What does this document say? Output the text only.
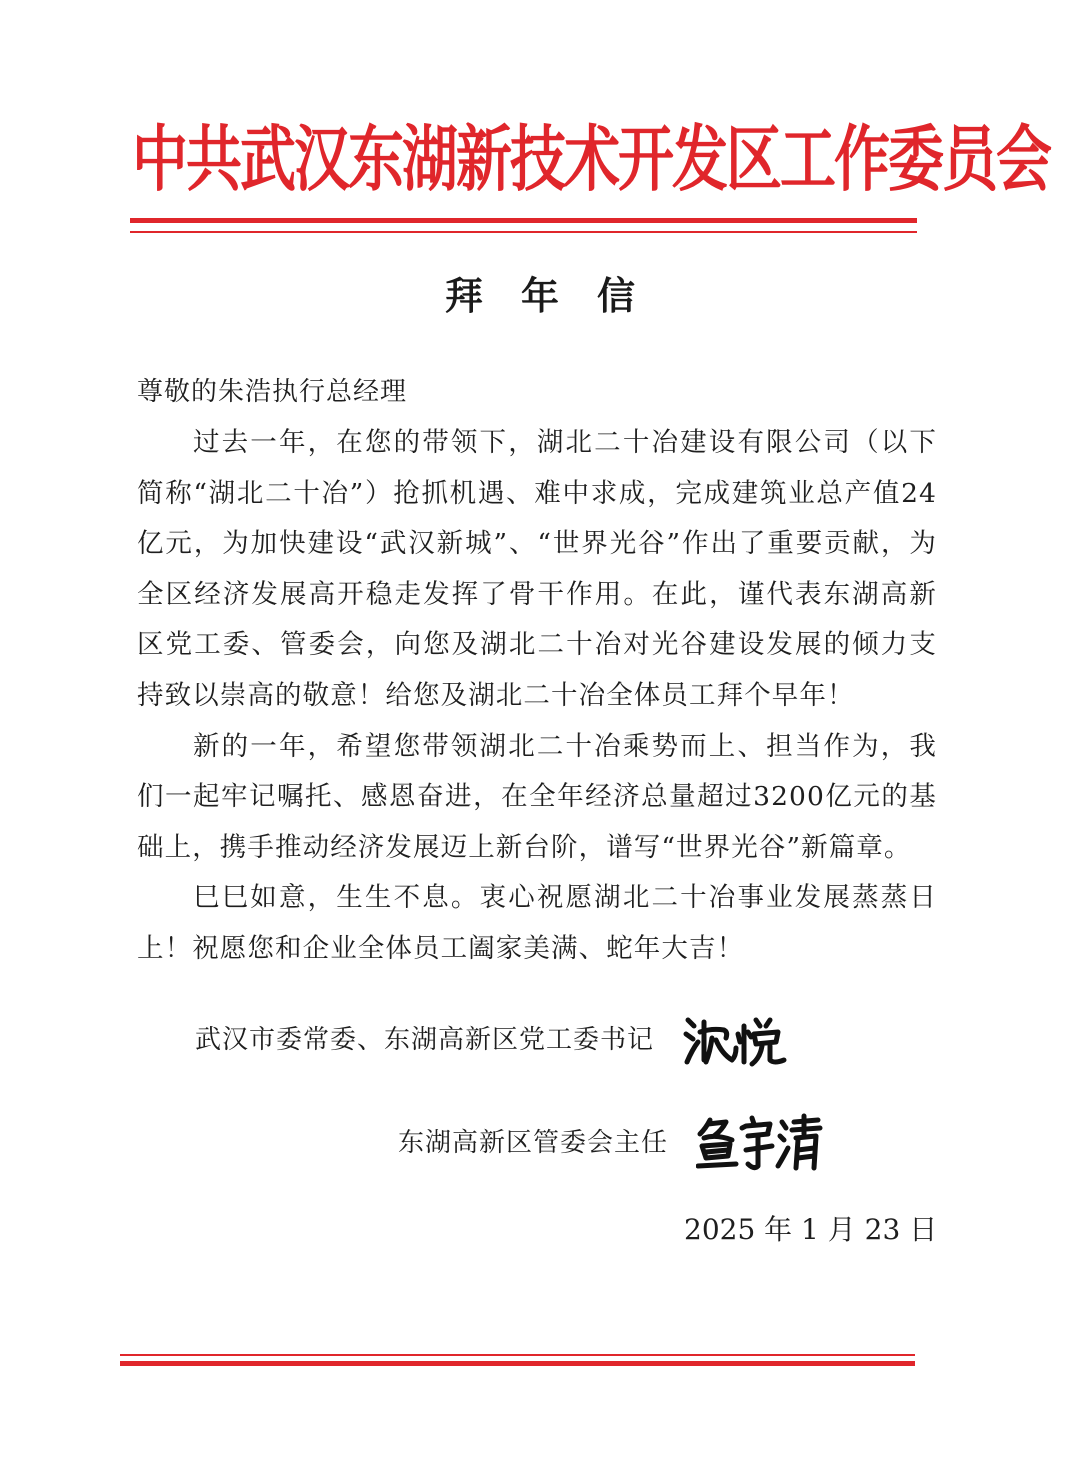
中共武汉东湖新技术开发区工作委员会
拜年信

尊敬的朱浩执行总经理

过去一年，在您的带领下，湖北二十冶建设有限公司（以下简称“湖北二十冶”）抢抓机遇、难中求成，完成建筑业总产值24亿元，为加快建设“武汉新城”、“世界光谷”作出了重要贡献，为全区经济发展高开稳走发挥了骨干作用。在此，谨代表东湖高新区党工委、管委会，向您及湖北二十冶对光谷建设发展的倾力支持致以崇高的敬意！给您及湖北二十冶全体员工拜个早年！

新的一年，希望您带领湖北二十冶乘势而上、担当作为，我们一起牢记嘱托、感恩奋进，在全年经济总量超过3200亿元的基础上，携手推动经济发展迈上新台阶，谱写“世界光谷”新篇章。

巳巳如意，生生不息。衷心祝愿湖北二十冶事业发展蒸蒸日上！祝愿您和企业全体员工阖家美满、蛇年大吉！

武汉市委常委、东湖高新区党工委书记
东湖高新区管委会主任

2025 年 1 月 23 日
